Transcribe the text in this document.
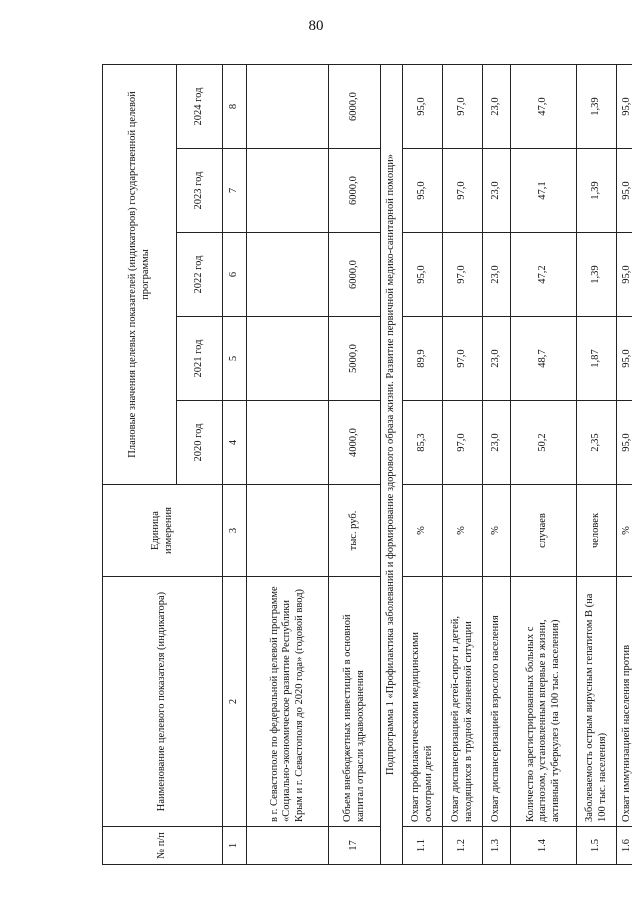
80
№ п/п	Наименование целевого показателя (индикатора)	Единица измерения	Плановые значения целевых показателей (индикаторов) государственной целевой программы				
			2020 год	2021 год	2022 год	2023 год	2024 год
1	2	3	4	5	6	7	8
	в г. Севастополе по федеральной целевой программе «Социально-экономическое развитие Республики Крым и г. Севастополя до 2020 года» (годовой ввод)						
17	Объем внебюджетных инвестиций в основной капитал отрасли здравоохранения	тыс. руб.	4000,0	5000,0	6000,0	6000,0	6000,0
Подпрограмма 1 «Профилактика заболеваний и формирование здорового образа жизни. Развитие первичной медико-санитарной помощи»							
1.1	Охват профилактическими медицинскими осмотрами детей	%	85,3	89,9	95,0	95,0	95,0
1.2	Охват диспансеризацией детей-сирот и детей, находящихся в трудной жизненной ситуации	%	97,0	97,0	97,0	97,0	97,0
1.3	Охват диспансеризацией взрослого населения	%	23,0	23,0	23,0	23,0	23,0
1.4	Количество зарегистрированных больных с диагнозом, установленным впервые в жизни, активный туберкулез (на 100 тыс. населения)	случаев	50,2	48,7	47,2	47,1	47,0
1.5	Заболеваемость острым вирусным гепатитом В (на 100 тыс. населения)	человек	2,35	1,87	1,39	1,39	1,39
1.6	Охват иммунизацией населения против	%	95,0	95,0	95,0	95,0	95,0
